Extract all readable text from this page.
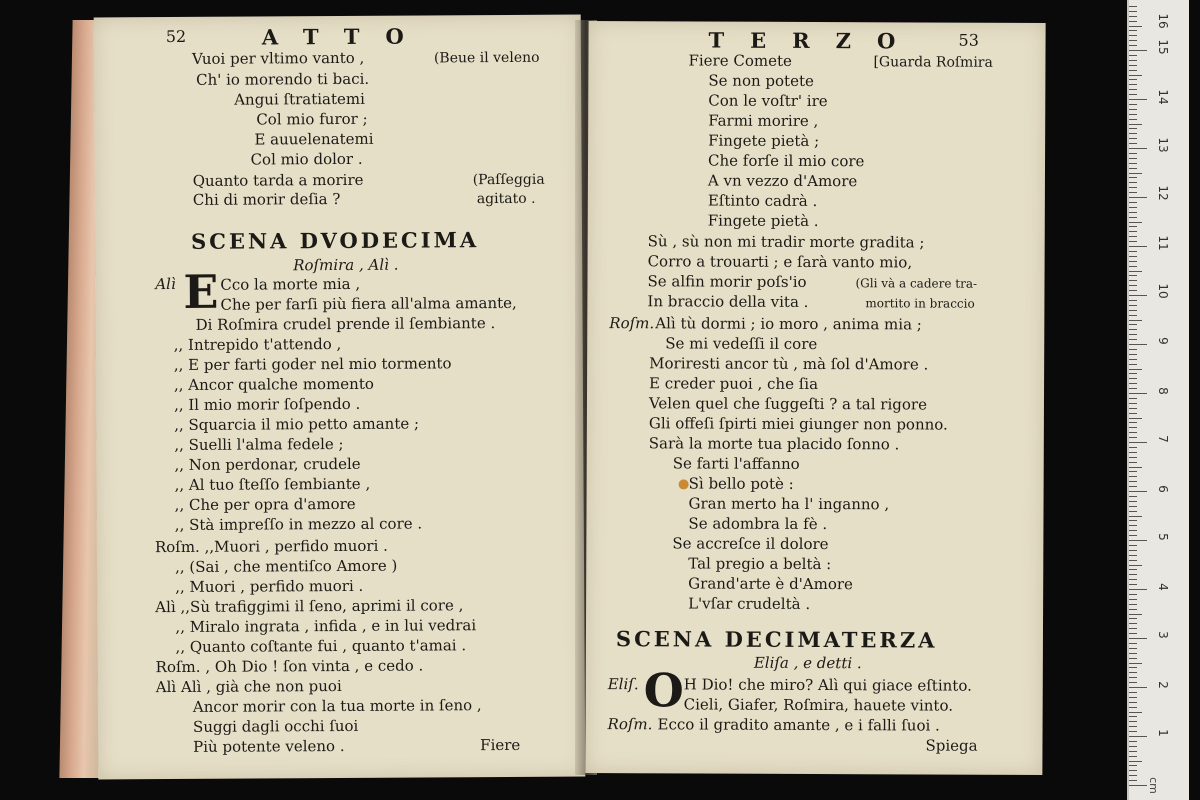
52	ATTO
Vuoi per vltimo vanto ,	(Beue il veleno
Ch' io morendo ti baci.
Angui ſtratiatemi
Col mio furor ;
E auuelenatemi
Col mio dolor .
Quanto tarda a morire	(Paſſeggia
Chi di morir deſia ?	agitato .
SCENA DVODECIMA
Roſmira , Alì .
Alì E Cco la morte mia ,
Che per farſi più fiera all'alma amante,
Di Roſmira crudel prende il ſembiante .
,, Intrepido t'attendo ,
,, E per farti goder nel mio tormento
,, Ancor qualche momento
,, Il mio morir ſoſpendo .
,, Squarcia il mio petto amante ;
,, Suelli l'alma fedele ;
,, Non perdonar, crudele
,, Al tuo ſteſſo ſembiante ,
,, Che per opra d'amore
,, Stà impreſſo in mezzo al core .
Roſm. ,,Muori , perfido muori .
,, (Sai , che mentiſco Amore )
,, Muori , perfido muori .
Alì ,,Sù trafiggimi il ſeno, aprimi il core ,
,, Miralo ingrata , infida , e in lui vedrai
,, Quanto coſtante fui , quanto t'amai .
Roſm. , Oh Dio ! ſon vinta , e cedo .
Alì Alì , già che non puoi
Ancor morir con la tua morte in ſeno ,
Suggi dagli occhi ſuoi
Più potente veleno .	Fiere
TERZO 53
Fiere Comete	[Guarda Roſmira
Se non potete
Con le voſtr' ire
Farmi morire ,
Fingete pietà ;
Che forſe il mio core
A vn vezzo d'Amore
Eſtinto cadrà .
Fingete pietà .
Sù , sù non mi tradir morte gradita ;
Corro a trouarti ; e ſarà vanto mio,
Se alfin morir poſs'io	(Gli và a cadere tra-
In braccio della vita .	mortito in braccio
Roſm. Alì tù dormi ; io moro , anima mia ;
Se mi vedeſſi il core
Moriresti ancor tù , mà ſol d'Amore .
E creder puoi , che ſia
Velen quel che ſuggeſti ? a tal rigore
Gli offeſi ſpirti miei giunger non ponno.
Sarà la morte tua placido ſonno .
Se farti l'affanno
Sì bello potè :
Gran merto ha l' inganno ,
Se adombra la fè .
Se accreſce il dolore
Tal pregio a beltà :
Grand'arte è d'Amore
L'vſar crudeltà .
SCENA DECIMATERZA
Eliſa , e detti .
Eliſ. O H Dio! che miro? Alì qui giace eſtinto.
Cieli, Giafer, Roſmira, hauete vinto.
Roſm. Ecco il gradito amante , e i falli ſuoi .
Spiega
16
15
14
13
12
11
10
9
8
7
6
5
4
3
2
1
cm
